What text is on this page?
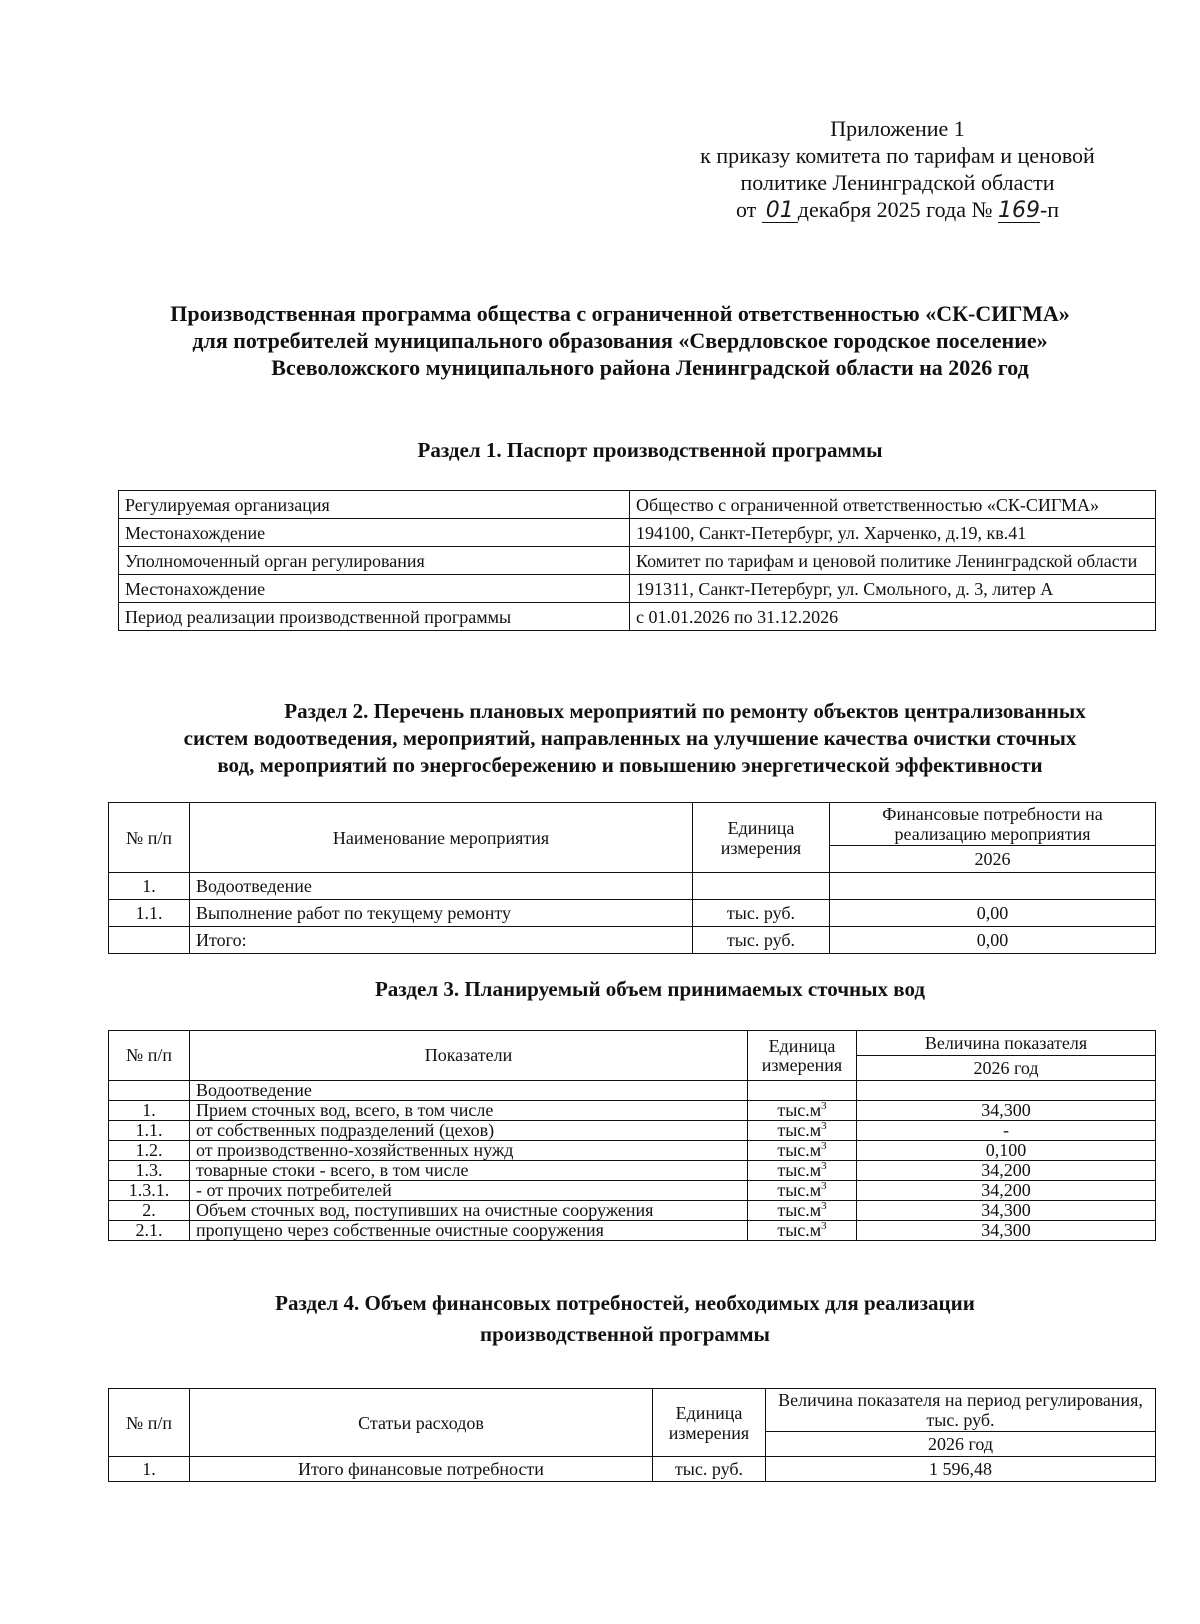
Приложение 1
к приказу комитета по тарифам и ценовой
политике Ленинградской области
от 01 декабря 2025 года № 169-п
Производственная программа общества с ограниченной ответственностью «СК-СИГМА»
для потребителей муниципального образования «Свердловское городское поселение»
Всеволожского муниципального района Ленинградской области на 2026 год
Раздел 1. Паспорт производственной программы
Регулируемая организация	Общество с ограниченной ответственностью «СК-СИГМА»
Местонахождение	194100, Санкт-Петербург, ул. Харченко, д.19, кв.41
Уполномоченный орган регулирования	Комитет по тарифам и ценовой политике Ленинградской области
Местонахождение	191311, Санкт-Петербург, ул. Смольного, д. 3, литер А
Период реализации производственной программы	с 01.01.2026 по 31.12.2026
Раздел 2. Перечень плановых мероприятий по ремонту объектов централизованных
систем водоотведения, мероприятий, направленных на улучшение качества очистки сточных
вод, мероприятий по энергосбережению и повышению энергетической эффективности
№ п/п	Наименование мероприятия	Единица измерения	Финансовые потребности на реализацию мероприятия
			2026
1.	Водоотведение		
1.1.	Выполнение работ по текущему ремонту	тыс. руб.	0,00
	Итого:	тыс. руб.	0,00
Раздел 3. Планируемый объем принимаемых сточных вод
№ п/п	Показатели	Единица измерения	Величина показателя
			2026 год
	Водоотведение		
1.	Прием сточных вод, всего, в том числе	$тыс.м^3$	34,300
1.1.	от собственных подразделений (цехов)	$тыс.м^3$	-
1.2.	от производственно-хозяйственных нужд	$тыс.м^3$	0,100
1.3.	товарные стоки - всего, в том числе	$тыс.м^3$	34,200
1.3.1.	- от прочих потребителей	$тыс.м^3$	34,200
2.	Объем сточных вод, поступивших на очистные сооружения	$тыс.м^3$	34,300
2.1.	пропущено через собственные очистные сооружения	$тыс.м^3$	34,300
Раздел 4. Объем финансовых потребностей, необходимых для реализации
производственной программы
№ п/п	Статьи расходов	Единица измерения	Величина показателя на период регулирования, тыс. руб.
			2026 год
1.	Итого финансовые потребности	тыс. руб.	1 596,48
